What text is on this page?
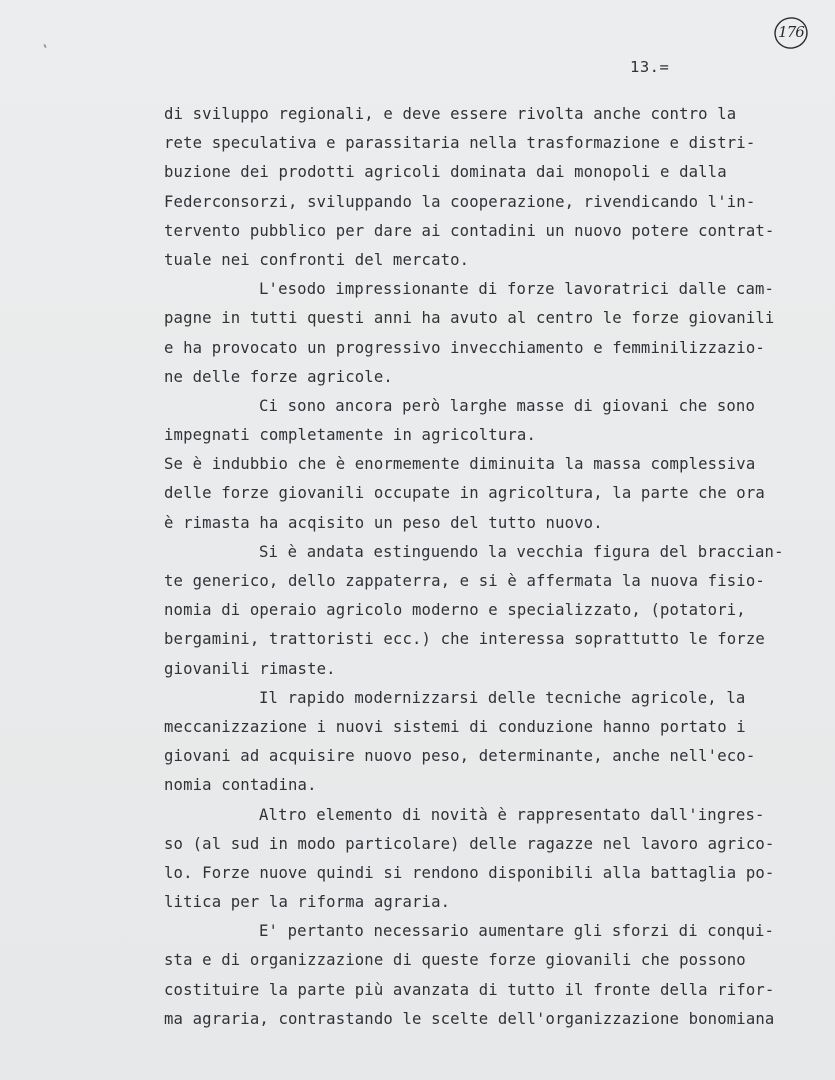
176
13.=
di sviluppo regionali, e deve essere rivolta anche contro la
rete speculativa e parassitaria nella trasformazione e distri-
buzione dei prodotti agricoli dominata dai monopoli e dalla
Federconsorzi, sviluppando la cooperazione, rivendicando l'in-
tervento pubblico per dare ai contadini un nuovo potere contrat-
tuale nei confronti del mercato.
L'esodo impressionante di forze lavoratrici dalle cam-
pagne in tutti questi anni ha avuto al centro le forze giovanili
e ha provocato un progressivo invecchiamento e femminilizzazio-
ne delle forze agricole.
Ci sono ancora però larghe masse di giovani che sono
impegnati completamente in agricoltura.
Se è indubbio che è enormemente diminuita la massa complessiva
delle forze giovanili occupate in agricoltura, la parte che ora
è rimasta ha acqisito un peso del tutto nuovo.
Si è andata estinguendo la vecchia figura del braccian-
te generico, dello zappaterra, e si è affermata la nuova fisio-
nomia di operaio agricolo moderno e specializzato, (potatori,
bergamini, trattoristi ecc.) che interessa soprattutto le forze
giovanili rimaste.
Il rapido modernizzarsi delle tecniche agricole, la
meccanizzazione i nuovi sistemi di conduzione hanno portato i
giovani ad acquisire nuovo peso, determinante, anche nell'eco-
nomia contadina.
Altro elemento di novità è rappresentato dall'ingres-
so (al sud in modo particolare) delle ragazze nel lavoro agrico-
lo. Forze nuove quindi si rendono disponibili alla battaglia po-
litica per la riforma agraria.
E' pertanto necessario aumentare gli sforzi di conqui-
sta e di organizzazione di queste forze giovanili che possono
costituire la parte più avanzata di tutto il fronte della rifor-
ma agraria, contrastando le scelte dell'organizzazione bonomiana
